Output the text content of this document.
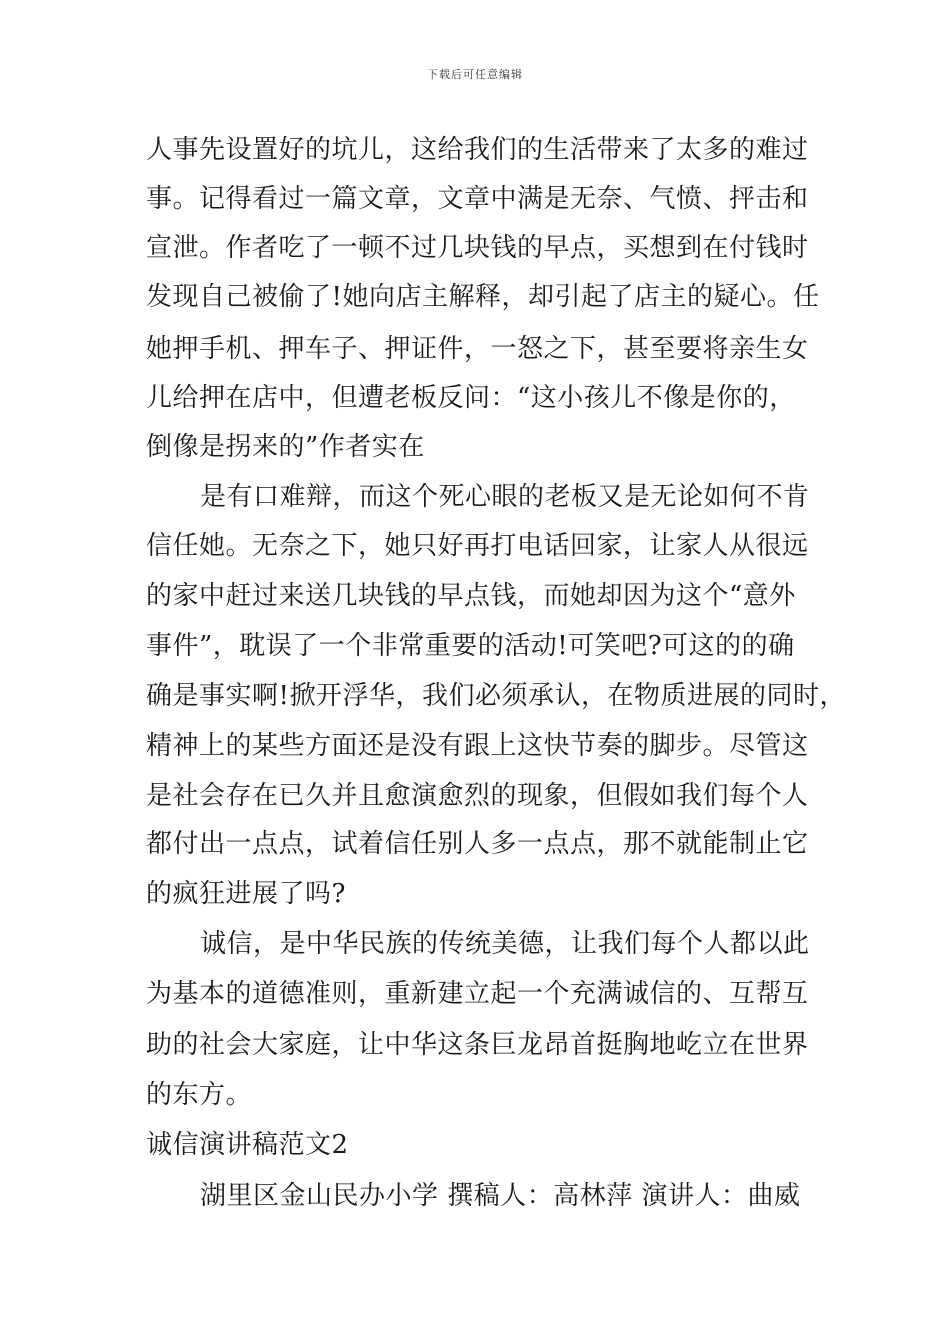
下载后可任意编辑
人事先设置好的坑儿，这给我们的生活带来了太多的难过
事。记得看过一篇文章，文章中满是无奈、气愤、抨击和
宣泄。作者吃了一顿不过几块钱的早点，买想到在付钱时
发现自己被偷了!她向店主解释，却引起了店主的疑心。任
她押手机、押车子、押证件，一怒之下，甚至要将亲生女
儿给押在店中，但遭老板反问：“这小孩儿不像是你的，
倒像是拐来的”作者实在
是有口难辩，而这个死心眼的老板又是无论如何不肯
信任她。无奈之下，她只好再打电话回家，让家人从很远
的家中赶过来送几块钱的早点钱，而她却因为这个“意外
事件”，耽误了一个非常重要的活动!可笑吧?可这的的确
确是事实啊!掀开浮华，我们必须承认，在物质进展的同时，
精神上的某些方面还是没有跟上这快节奏的脚步。尽管这
是社会存在已久并且愈演愈烈的现象，但假如我们每个人
都付出一点点，试着信任别人多一点点，那不就能制止它
的疯狂进展了吗?
诚信，是中华民族的传统美德，让我们每个人都以此
为基本的道德准则，重新建立起一个充满诚信的、互帮互
助的社会大家庭，让中华这条巨龙昂首挺胸地屹立在世界
的东方。
诚信演讲稿范文2
湖里区金山民办小学 撰稿人：高林萍 演讲人：曲威
